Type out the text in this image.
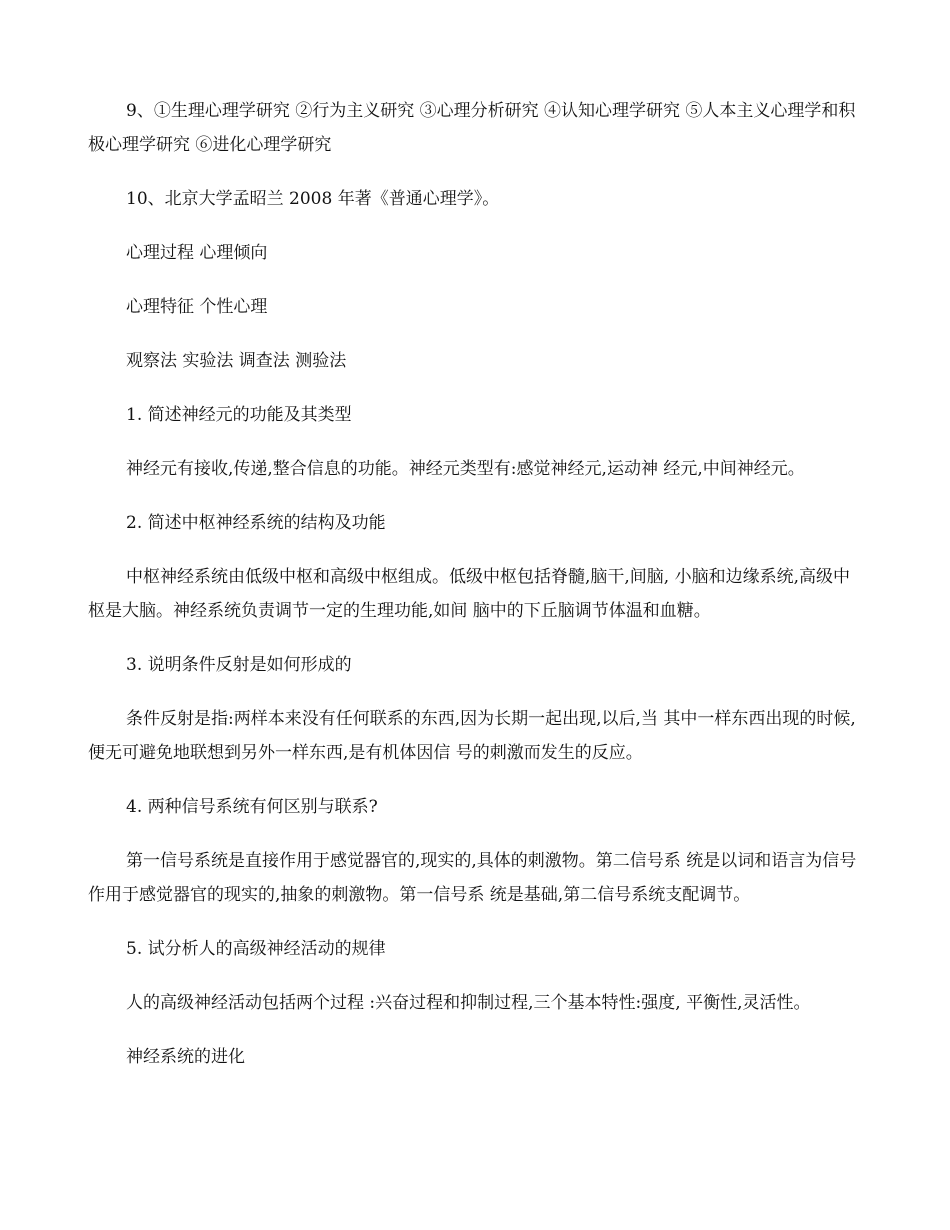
9、①生理心理学研究 ②行为主义研究 ③心理分析研究 ④认知心理学研究 ⑤人本主义心理学和积极心理学研究 ⑥进化心理学研究

10、北京大学孟昭兰 2008 年著《普通心理学》。

心理过程 心理倾向

心理特征 个性心理

观察法 实验法 调查法 测验法

1. 简述神经元的功能及其类型

神经元有接收,传递,整合信息的功能。神经元类型有:感觉神经元,运动神 经元,中间神经元。

2. 简述中枢神经系统的结构及功能

中枢神经系统由低级中枢和高级中枢组成。低级中枢包括脊髓,脑干,间脑, 小脑和边缘系统,高级中枢是大脑。神经系统负责调节一定的生理功能,如间 脑中的下丘脑调节体温和血糖。

3. 说明条件反射是如何形成的

条件反射是指:两样本来没有任何联系的东西,因为长期一起出现,以后,当 其中一样东西出现的时候,便无可避免地联想到另外一样东西,是有机体因信 号的刺激而发生的反应。

4. 两种信号系统有何区别与联系?

第一信号系统是直接作用于感觉器官的,现实的,具体的刺激物。第二信号系 统是以词和语言为信号作用于感觉器官的现实的,抽象的刺激物。第一信号系 统是基础,第二信号系统支配调节。

5. 试分析人的高级神经活动的规律

人的高级神经活动包括两个过程 :兴奋过程和抑制过程,三个基本特性:强度, 平衡性,灵活性。

神经系统的进化
